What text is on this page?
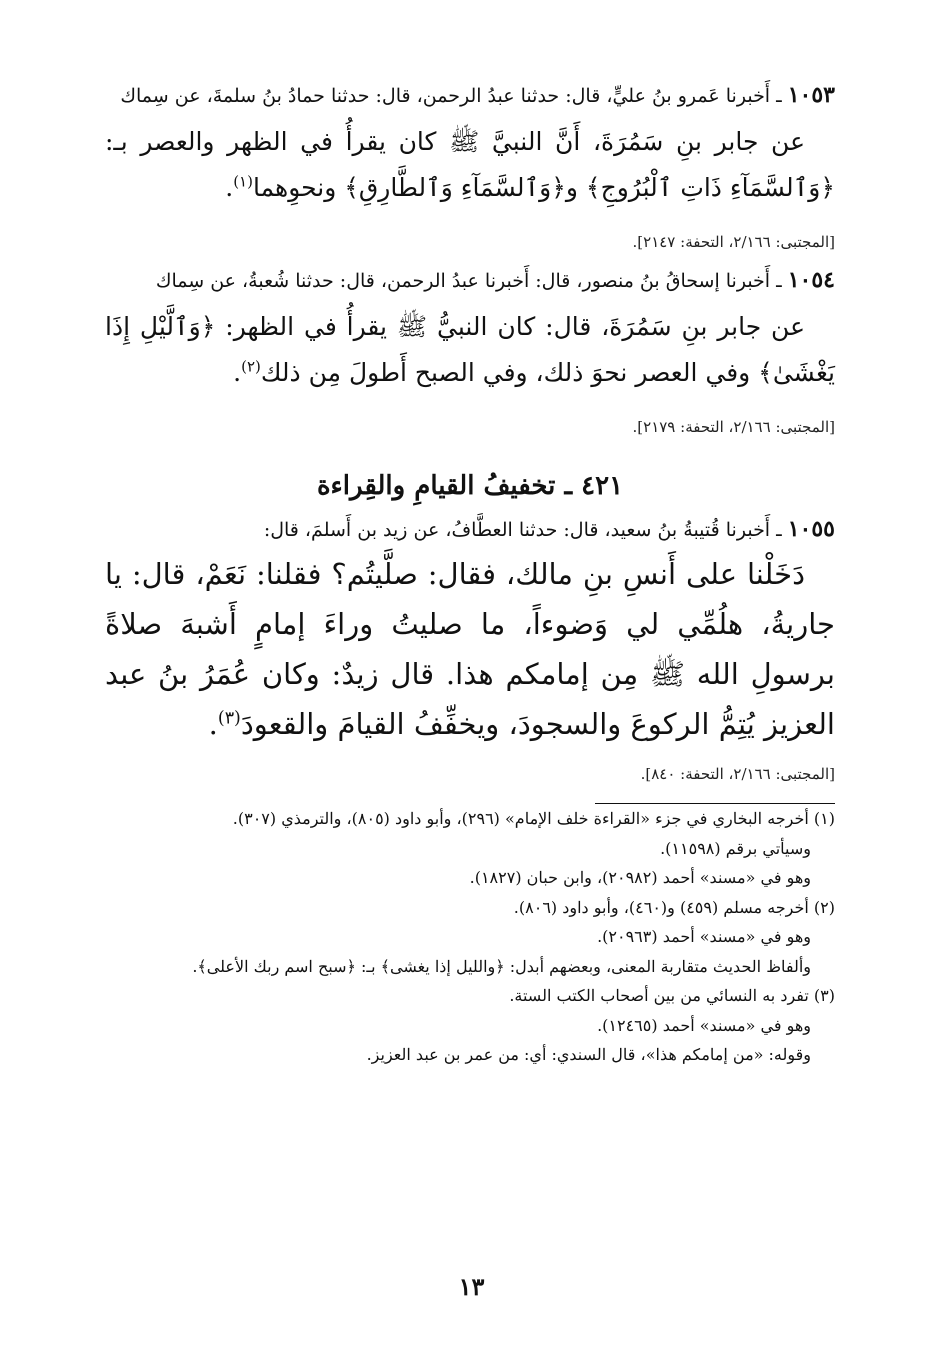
١٠٥٣ ـ أَخبرنا عَمرو بنُ عليٍّ، قال: حدثنا عبدُ الرحمن، قال: حدثنا حمادُ بنُ سلمةَ، عن سِماك

عن جابر بنِ سَمُرَةَ، أَنَّ النبيَّ ﷺ كان يقرأُ في الظهر والعصر بـ: ﴿وَٱلسَّمَآءِ ذَاتِ ٱلْبُرُوجِ﴾ و﴿وَٱلسَّمَآءِ وَٱلطَّارِقِ﴾ ونحوِهما$^{(١)}$.

[المجتبى: ٢/١٦٦، التحفة: ٢١٤٧].

١٠٥٤ ـ أَخبرنا إسحاقُ بنُ منصور، قال: أَخبرنا عبدُ الرحمن، قال: حدثنا شُعبةُ، عن سِماك

عن جابر بنِ سَمُرَةَ، قال: كان النبيُّ ﷺ يقرأُ في الظهر: ﴿وَٱلَّيْلِ إِذَا يَغْشَىٰ﴾ وفي العصر نحوَ ذلك، وفي الصبح أَطولَ مِن ذلك$^{(٢)}$.

[المجتبى: ٢/١٦٦، التحفة: ٢١٧٩].

٤٢١ ـ تخفيفُ القيامِ والقِراءة

١٠٥٥ ـ أَخبرنا قُتيبةُ بنُ سعيد، قال: حدثنا العطَّافُ، عن زيد بن أَسلمَ، قال:

دَخَلْنا على أَنسِ بنِ مالك، فقال: صلَّيتُم؟ فقلنا: نَعَمْ، قال: يا جاريةُ، هلُمِّي لي وَضوءاً، ما صليتُ وراءَ إمامٍ أَشبهَ صلاةً برسولِ الله ﷺ مِن إمامكم هذا. قال زيدٌ: وكان عُمَرُ بنُ عبد العزيز يُتِمُّ الركوعَ والسجودَ، ويخفِّفُ القيامَ والقعودَ$^{(٣)}$.

[المجتبى: ٢/١٦٦، التحفة: ٨٤٠].

(١) أخرجه البخاري في جزء «القراءة خلف الإمام» (٢٩٦)، وأبو داود (٨٠٥)، والترمذي (٣٠٧).

وسيأتي برقم (١١٥٩٨).

وهو في «مسند» أحمد (٢٠٩٨٢)، وابن حبان (١٨٢٧).

(٢) أخرجه مسلم (٤٥٩) و(٤٦٠)، وأبو داود (٨٠٦).

وهو في «مسند» أحمد (٢٠٩٦٣).

وألفاظ الحديث متقاربة المعنى، وبعضهم أبدل: ﴿والليل إذا يغشى﴾ بـ: ﴿سبح اسم ربك الأعلى﴾.

(٣) تفرد به النسائي من بين أصحاب الكتب الستة.

وهو في «مسند» أحمد (١٢٤٦٥).

وقوله: «من إمامكم هذا»، قال السندي: أي: من عمر بن عبد العزيز.

١٣
